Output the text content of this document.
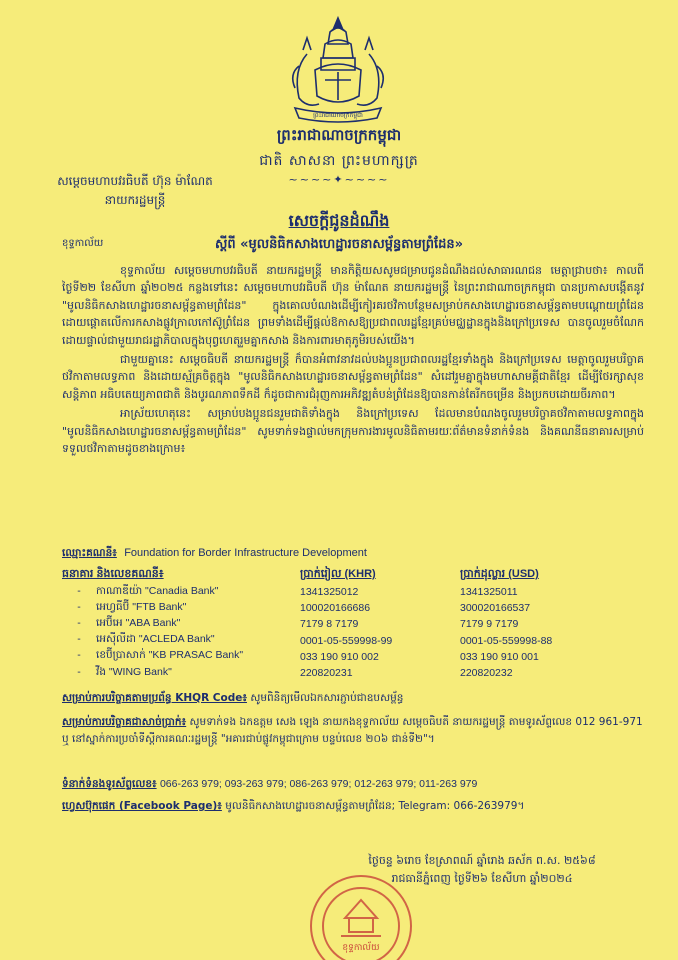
ព្រះរាជាណាចក្រកម្ពុជា
ព្រះរាជាណាចក្រកម្ពុជា
ជាតិ សាសនា ព្រះមហាក្សត្រ
~~~~✦~~~~
សម្ដេចមហាបវរធិបតី ហ៊ុន ម៉ាណែត
នាយករដ្ឋមន្ត្រី
ខុទ្ទកាល័យ
សេចក្ដីជូនដំណឹង
ស្ដីពី «មូលនិធិកសាងហេដ្ឋារចនាសម្ព័ន្ធតាមព្រំដែន»

ខុទ្ទកាល័យ សម្ដេចមហាបវរធិបតី នាយករដ្ឋមន្ត្រី មានកិត្តិយសសូមជម្រាបជូនដំណឹងដល់សាធារណជន មេត្តាជ្រាបថា៖ កាលពីថ្ងៃទី២២ ខែសីហា ឆ្នាំ២០២៥ កន្លងទៅនេះ សម្ដេចមហាបវរធិបតី ហ៊ុន ម៉ាណែត នាយករដ្ឋមន្ត្រី នៃព្រះរាជាណាចក្រកម្ពុជា បានប្រកាសបង្កើតនូវ "មូលនិធិកសាងហេដ្ឋារចនាសម្ព័ន្ធតាមព្រំដែន" ក្នុងគោលបំណងដើម្បីកៀរគរថវិកាបន្ថែមសម្រាប់កសាងហេដ្ឋារចនាសម្ព័ន្ធតាមបណ្ដោយព្រំដែន ដោយផ្ដោតលើការកសាងផ្លូវក្រាលកៅស៊ូព្រំដែន ព្រមទាំងដើម្បីផ្ដល់ឱកាសឱ្យប្រជាពលរដ្ឋខ្មែរគ្រប់មជ្ឈដ្ឋានក្នុងនិងក្រៅប្រទេស បានចូលរួមចំណែកដោយផ្ទាល់ជាមួយរាជរដ្ឋាភិបាលក្នុងបុព្វហេតុរួមគ្នាកសាង និងការពារមាតុភូមិរបស់យើង។

ជាមួយគ្នានេះ សម្ដេចធិបតី នាយករដ្ឋមន្ត្រី ក៏បានអំពាវនាវដល់បងប្អូនប្រជាពលរដ្ឋខ្មែរទាំងក្នុង និងក្រៅប្រទេស មេត្តាចូលរួមបរិច្ចាគថវិកាតាមលទ្ធភាព និងដោយស្ម័គ្រចិត្តក្នុង "មូលនិធិកសាងហេដ្ឋារចនាសម្ព័ន្ធតាមព្រំដែន" សំដៅរួមគ្នាក្នុងមហាសាមគ្គីជាតិខ្មែរ ដើម្បីថែរក្សាសុខសន្តិភាព អធិបតេយ្យភាពជាតិ និងបូរណភាពទឹកដី ក៏ដូចជាការជំរុញការអភិវឌ្ឍតំបន់ព្រំដែនឱ្យបានកាន់តែរីកចម្រើន និងប្រកបដោយចីរភាព។

អាស្រ័យហេតុនេះ សម្រាប់បងប្អូនជនរួមជាតិទាំងក្នុង និងក្រៅប្រទេស ដែលមានបំណងចូលរួមបរិច្ចាគថវិកាតាមលទ្ធភាពក្នុង "មូលនិធិកសាងហេដ្ឋារចនាសម្ព័ន្ធតាមព្រំដែន" សូមទាក់ទងផ្ទាល់មកក្រុមការងារមូលនិធិតាមរយៈព័ត៌មានទំនាក់ទំនង និងគណនីធនាគារសម្រាប់ទទួលថវិកាតាមដូចខាងក្រោម៖

ឈ្មោះគណនី៖ Foundation for Border Infrastructure Development
ធនាគារ និងលេខគណនី៖	ប្រាក់រៀល (KHR)	ប្រាក់ដុល្លារ (USD)
- កាណាឌីយ៉ា "Canadia Bank"	1341325012	1341325011
- អេហ្វធីប៊ី "FTB Bank"	100020166686	300020166537
- អេប៊ីអេ "ABA Bank"	7179 8 7179	7179 9 7179
- អេស៊ីលីដា "ACLEDA Bank"	0001-05-559998-99	0001-05-559998-88
- ខេប៊ីប្រាសាក់ "KB PRASAC Bank"	033 190 910 002	033 190 910 001
- វីង "WING Bank"	220820231	220820232
សម្រាប់ការបរិច្ចាគតាមប្រព័ន្ធ KHQR Code៖ សូមពិនិត្យមើលឯកសារភ្ជាប់ជាឧបសម្ព័ន្ធ
សម្រាប់ការបរិច្ចាគជាសាច់ប្រាក់៖ សូមទាក់ទង ឯកឧត្ដម សេង ឡេង នាយកងខុទ្ទកាល័យ សម្ដេចធិបតី នាយករដ្ឋមន្ត្រី តាមទូរស័ព្ទលេខ 012 961-971 ឬ នៅស្នាក់ការប្រចាំទីស្ដីការគណៈរដ្ឋមន្ត្រី "អគារជាប់ផ្លូវកម្ពុជាក្រោម បន្ទប់លេខ ២០៦ ជាន់ទី២"។
ទំនាក់ទំនងទូរស័ព្ទលេខ៖ 066-263 979; 093-263 979; 086-263 979; 012-263 979; 011-263 979
ហ្វេសប៊ុកផេក (Facebook Page)៖ មូលនិធិកសាងហេដ្ឋារចនាសម្ព័ន្ធតាមព្រំដែន; Telegram: 066-263979។
ថ្ងៃចន្ទ ៦រោច ខែស្រាពណ៍ ឆ្នាំរោង ឆស័ក ព.ស. ២៥៦៨
រាជធានីភ្នំពេញ ថ្ងៃទី២៦ ខែសីហា ឆ្នាំ២០២៤
ខុទ្ទកាល័យ
